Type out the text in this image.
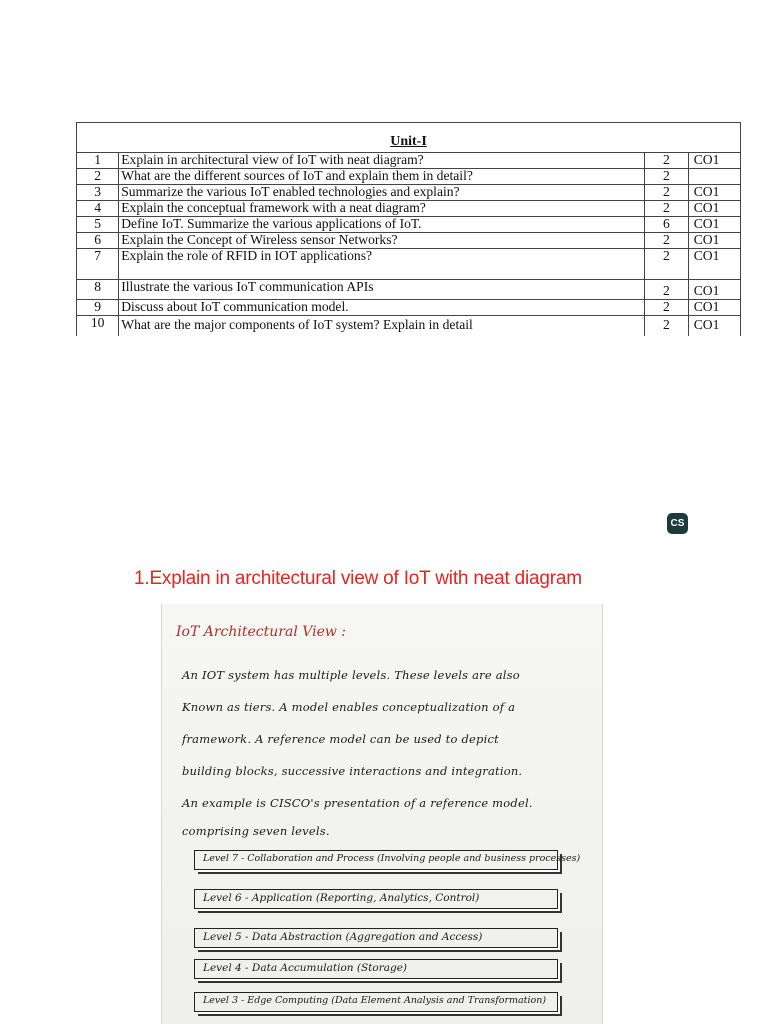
Unit-I			
1	Explain in architectural view of IoT with neat diagram?	2	CO1
2	What are the different sources of IoT and explain them in detail?	2	
3	Summarize the various IoT enabled technologies and explain?	2	CO1
4	Explain the conceptual framework with a neat diagram?	2	CO1
5	Define IoT. Summarize the various applications of IoT.	6	CO1
6	Explain the Concept of Wireless sensor Networks?	2	CO1
7	Explain the role of RFID in IOT applications?	2	CO1
8	Illustrate the various IoT communication APIs	2	CO1
9	Discuss about IoT communication model.	2	CO1
10	What are the major components of IoT system? Explain in detail	2	CO1
CS
1.Explain in architectural view of IoT with neat diagram
IoT Architectural View :
An IOT system has multiple levels. These levels are also
Known as tiers. A model enables conceptualization of a
framework. A reference model can be used to depict
building blocks, successive interactions and integration.
An example is CISCO's presentation of a reference model.
comprising seven levels.
Level 7 - Collaboration and Process (Involving people and business processes)
Level 6 - Application (Reporting, Analytics, Control)
Level 5 - Data Abstraction (Aggregation and Access)
Level 4 - Data Accumulation (Storage)
Level 3 - Edge Computing (Data Element Analysis and Transformation)
